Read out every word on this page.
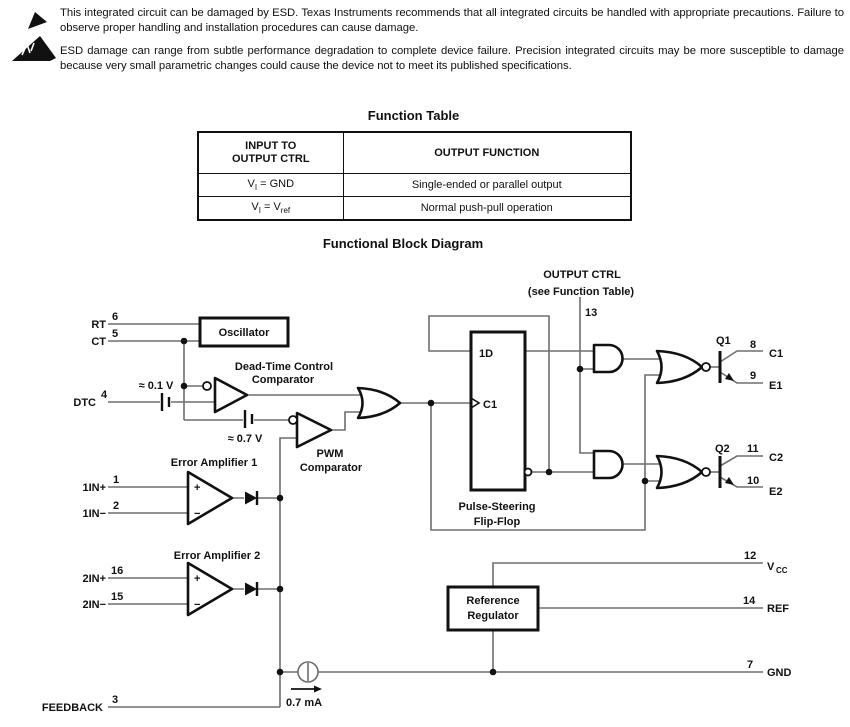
This integrated circuit can be damaged by ESD. Texas Instruments recommends that all integrated circuits be handled with appropriate precautions. Failure to observe proper handling and installation procedures can cause damage.
ESD damage can range from subtle performance degradation to complete device failure. Precision integrated circuits may be more susceptible to damage because very small parametric changes could cause the device not to meet its published specifications.
Function Table
INPUT TO
OUTPUT CTRL	OUTPUT FUNCTION
$V_I$ = GND	Single-ended or parallel output
$V_I = V_{ref}$	Normal push-pull operation
Functional Block Diagram
OUTPUT CTRL
(see Function Table)
13
RT
6
CT
5	Oscillator
DTC
4
≈ 0.1 V
Dead-Time Control
Comparator
≈ 0.7 V
PWM
Comparator
Error Amplifier 1
1IN+
1
1IN−
2
+
−
Error Amplifier 2
2IN+
16
2IN−
15
+
−
1D
C1
Pulse-Steering
Flip-Flop
Q1 8
C1
9
E1
Q2 11
C2
10
E2
12
V CC
14
REF
7
GND
Reference
Regulator
FEEDBACK
3	0.7 mA
